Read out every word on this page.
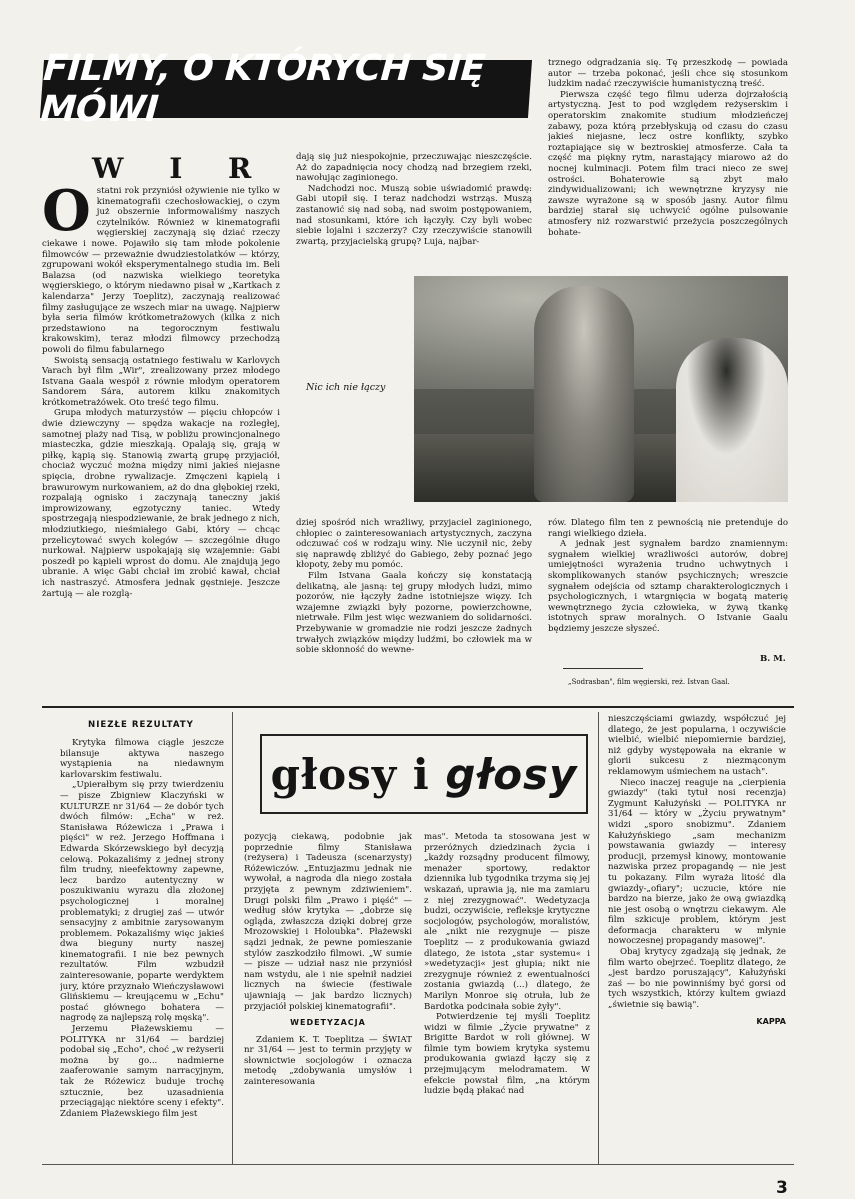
FILMY, O KTÓRYCH SIĘ MÓWI
W I R
O statni rok przyniósł ożywienie nie tylko w kinematografii czechosłowackiej, o czym już obszernie informowaliśmy naszych czytelników. Również w kinematografii węgierskiej zaczynają się dziać rzeczy ciekawe i nowe. Pojawiło się tam młode pokolenie filmowców — przeważnie dwudziestolatków — którzy, zgrupowani wokół eksperymentalnego studia im. Beli Balazsa (od nazwiska wielkiego teoretyka węgierskiego, o którym niedawno pisał w „Kartkach z kalendarza" Jerzy Toeplitz), zaczynają realizować filmy zasługujące ze wszech miar na uwagę. Najpierw była seria filmów krótkometrażowych (kilka z nich przedstawiono na tegorocznym festiwalu krakowskim), teraz młodzi filmowcy przechodzą powoli do filmu fabularnego

Swoistą sensacją ostatniego festiwalu w Karlovych Varach był film „Wir", zrealizowany przez młodego Istvana Gaala wespół z równie młodym operatorem Sandorem Sára, autorem kilku znakomitych krótkometrażówek. Oto treść tego filmu.

Grupa młodych maturzystów — pięciu chłopców i dwie dziewczyny — spędza wakacje na rozległej, samotnej plaży nad Tisą, w pobliżu prowincjonalnego miasteczka, gdzie mieszkają. Opalają się, grają w piłkę, kąpią się. Stanowią zwartą grupę przyjaciół, chociaż wyczuć można między nimi jakieś niejasne spięcia, drobne rywalizacje. Zmęczeni kąpielą i brawurowym nurkowaniem, aż do dna głębokiej rzeki, rozpalają ognisko i zaczynają taneczny jakiś improwizowany, egzotyczny taniec. Wtedy spostrzegają niespodziewanie, że brak jednego z nich, młodziutkiego, nieśmiałego Gabi, który — chcąc przelicytować swych kolegów — szczególnie długo nurkował. Najpierw uspokajają się wzajemnie: Gabi poszedł po kąpieli wprost do domu. Ale znajdują jego ubranie. A więc Gabi chciał im zrobić kawał, chciał ich nastraszyć. Atmosfera jednak gęstnieje. Jeszcze żartują — ale rozglą-

dają się już niespokojnie, przeczuwając nieszczęście. Aż do zapadnięcia nocy chodzą nad brzegiem rzeki, nawołując zaginionego.

Nadchodzi noc. Muszą sobie uświadomić prawdę: Gabi utopił się. I teraz nadchodzi wstrząs. Muszą zastanowić się nad sobą, nad swoim postępowaniem, nad stosunkami, które ich łączyły. Czy byli wobec siebie lojalni i szczerzy? Czy rzeczywiście stanowili zwartą, przyjacielską grupę? Luja, najbar-

trznego odgradzania się. Tę przeszkodę — powiada autor — trzeba pokonać, jeśli chce się stosunkom ludzkim nadać rzeczywiście humanistyczną treść.

Pierwsza część tego filmu uderza dojrzałością artystyczną. Jest to pod względem reżyserskim i operatorskim znakomite studium młodzieńczej zabawy, poza którą przebłyskują od czasu do czasu jakieś niejasne, lecz ostre konflikty, szybko roztapiające się w beztroskiej atmosferze. Cała ta część ma piękny rytm, narastający miarowo aż do nocnej kulminacji. Potem film traci nieco ze swej ostrości. Bohaterowie są zbyt mało zindywidualizowani; ich wewnętrzne kryzysy nie zawsze wyrażone są w sposób jasny. Autor filmu bardziej starał się uchwycić ogólne pulsowanie atmosfery niż rozwarstwić przeżycia poszczególnych bohate-

Nic ich nie łączy

dziej spośród nich wrażliwy, przyjaciel zaginionego, chłopiec o zainteresowaniach artystycznych, zaczyna odczuwać coś w rodzaju winy. Nie uczynił nic, żeby się naprawdę zbliżyć do Gabiego, żeby poznać jego kłopoty, żeby mu pomóc.

Film Istvana Gaala kończy się konstatacją delikatną, ale jasną: tej grupy młodych ludzi, mimo pozorów, nie łączyły żadne istotniejsze więzy. Ich wzajemne związki były pozorne, powierzchowne, nietrwałe. Film jest więc wezwaniem do solidarności. Przebywanie w gromadzie nie rodzi jeszcze żadnych trwałych związków między ludźmi, bo człowiek ma w sobie skłonność do wewne-

rów. Dlatego film ten z pewnością nie pretenduje do rangi wielkiego dzieła.

A jednak jest sygnałem bardzo znamiennym: sygnałem wielkiej wrażliwości autorów, dobrej umiejętności wyrażenia trudno uchwytnych i skomplikowanych stanów psychicznych; wreszcie sygnałem odejścia od sztamp charakterologicznych i psychologicznych, i wtargnięcia w bogatą materię wewnętrznego życia człowieka, w żywą tkankę istotnych spraw moralnych. O Istvanie Gaalu będziemy jeszcze słyszeć.

B. M.
„Sodrasban", film węgierski, reż. Istvan Gaal.
NIEZŁE REZULTATY
głosy i głosy

Krytyka filmowa ciągle jeszcze bilansuje aktywa naszego wystąpienia na niedawnym karlovarskim festiwalu.

„Upierałbym się przy twierdzeniu — pisze Zbigniew Klaczyński w KULTURZE nr 31/64 — że dobór tych dwóch filmów: „Echa" w reż. Stanisława Różewicza i „Prawa i pięści" w reż. Jerzego Hoffmana i Edwarda Skórzewskiego był decyzją celową. Pokazaliśmy z jednej strony film trudny, nieefektowny zapewne, lecz bardzo autentyczny w poszukiwaniu wyrazu dla złożonej psychologicznej i moralnej problematyki; z drugiej zaś — utwór sensacyjny z ambitnie zarysowanym problemem. Pokazaliśmy więc jakieś dwa bieguny nurty naszej kinematografii. I nie bez pewnych rezultatów. Film wzbudził zainteresowanie, poparte werdyktem jury, które przyznało Wieńczysławowi Glińskiemu — kreującemu w „Echu" postać głównego bohatera — nagrodę za najlepszą rolę męską".

Jerzemu Płażewskiemu — POLITYKA nr 31/64 — bardziej podobał się „Echo", choć „w reżyserii można by go... nadmierne zaaferowanie samym narracyjnym, tak że Różewicz buduje trochę sztucznie, bez uzasadnienia przeciągając niektóre sceny i efekty". Zdaniem Płażewskiego film jest

pozycją ciekawą, podobnie jak poprzednie filmy Stanisława (reżysera) i Tadeusza (scenarzysty) Różewiczów. „Entuzjazmu jednak nie wywołał, a nagroda dla niego została przyjęta z pewnym zdziwieniem". Drugi polski film „Prawo i pięść" — według słów krytyka — „dobrze się ogląda, zwłaszcza dzięki dobrej grze Mrozowskiej i Holoubka". Płażewski sądzi jednak, że pewne pomieszanie stylów zaszkodziło filmowi. „W sumie — pisze — udział nasz nie przyniósł nam wstydu, ale i nie spełnił nadziei licznych na świecie (festiwale ujawniają — jak bardzo licznych) przyjaciół polskiej kinematografii".

WEDETYZACJA

Zdaniem K. T. Toeplitza — ŚWIAT nr 31/64 — jest to termin przyjęty w słownictwie socjologów i oznacza metodę „zdobywania umysłów i zainteresowania

mas". Metoda ta stosowana jest w przeróżnych dziedzinach życia i „każdy rozsądny producent filmowy, menażer sportowy, redaktor dziennika lub tygodnika trzyma się jej wskazań, uprawia ją, nie ma zamiaru z niej zrezygnować". Wedetyzacja budzi, oczywiście, refleksje krytyczne socjologów, psychologów, moralistów, ale „nikt nie rezygnuje — pisze Toeplitz — z produkowania gwiazd dlatego, że istota „star systemu« i »wedetyzacji« jest głupia; nikt nie zrezygnuje również z ewentualności zostania gwiazdą (...) dlatego, że Marilyn Monroe się otruła, lub że Bardotka podcinała sobie żyły".

Potwierdzenie tej myśli Toeplitz widzi w filmie „Życie prywatne" z Brigitte Bardot w roli głównej. W filmie tym bowiem krytyka systemu produkowania gwiazd łączy się z przejmującym melodramatem. W efekcie powstał film, „na którym ludzie będą płakać nad

nieszczęściami gwiazdy, współczuć jej dlatego, że jest popularna, i oczywiście wielbić, wielbić niepomiernie bardziej, niż gdyby występowała na ekranie w glorii sukcesu z niezmąconym reklamowym uśmiechem na ustach".

Nieco inaczej reaguje na „cierpienia gwiazdy" (taki tytuł nosi recenzja) Zygmunt Kałużyński — POLITYKA nr 31/64 — który w „Życiu prywatnym" widzi „sporo snobizmu". Zdaniem Kałużyńskiego „sam mechanizm powstawania gwiazdy — interesy producji, przemysł kinowy, montowanie nazwiska przez propagandę — nie jest tu pokazany. Film wyraża litość dla gwiazdy-„ofiary"; uczucie, które nie bardzo na bierze, jako że ową gwiazdką nie jest osobą o wnętrzu ciekawym. Ale film szkicuje problem, którym jest deformacja charakteru w młynie nowoczesnej propagandy masowej".

Obaj krytycy zgadzają się jednak, że film warto obejrzeć. Toeplitz dlatego, że „jest bardzo poruszający", Kałużyński zaś — bo nie powinniśmy być gorsi od tych wszystkich, którzy kultem gwiazd „świetnie się bawią".

KAPPA
3
